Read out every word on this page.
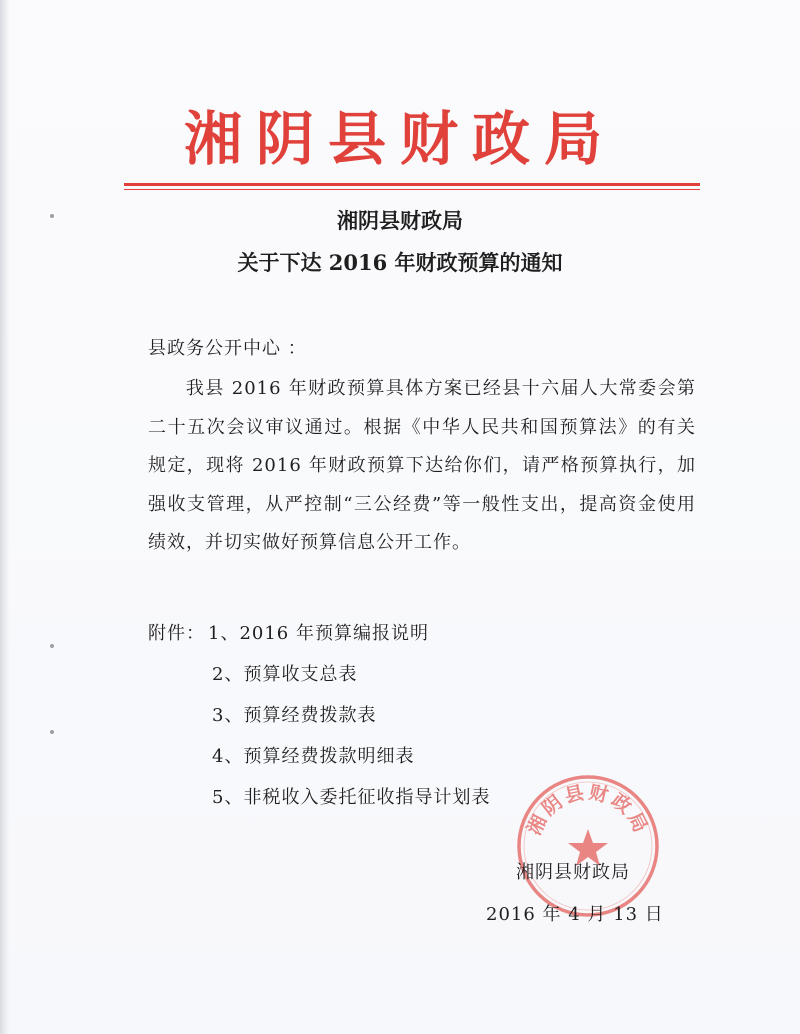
湘阴县财政局
湘阴县财政局
关于下达 2016 年财政预算的通知
县政务公开中心 ：
我县 2016 年财政预算具体方案已经县十六届人大常委会第二十五次会议审议通过。根据《中华人民共和国预算法》的有关规定，现将 2016 年财政预算下达给你们，请严格预算执行，加强收支管理，从严控制“三公经费”等一般性支出，提高资金使用绩效，并切实做好预算信息公开工作。
附件： 1、2016 年预算编报说明
2、预算收支总表
3、预算经费拨款表
4、预算经费拨款明细表
5、非税收入委托征收指导计划表
湘阴县财政局
湘阴县财政局
2016 年 4 月 13 日
